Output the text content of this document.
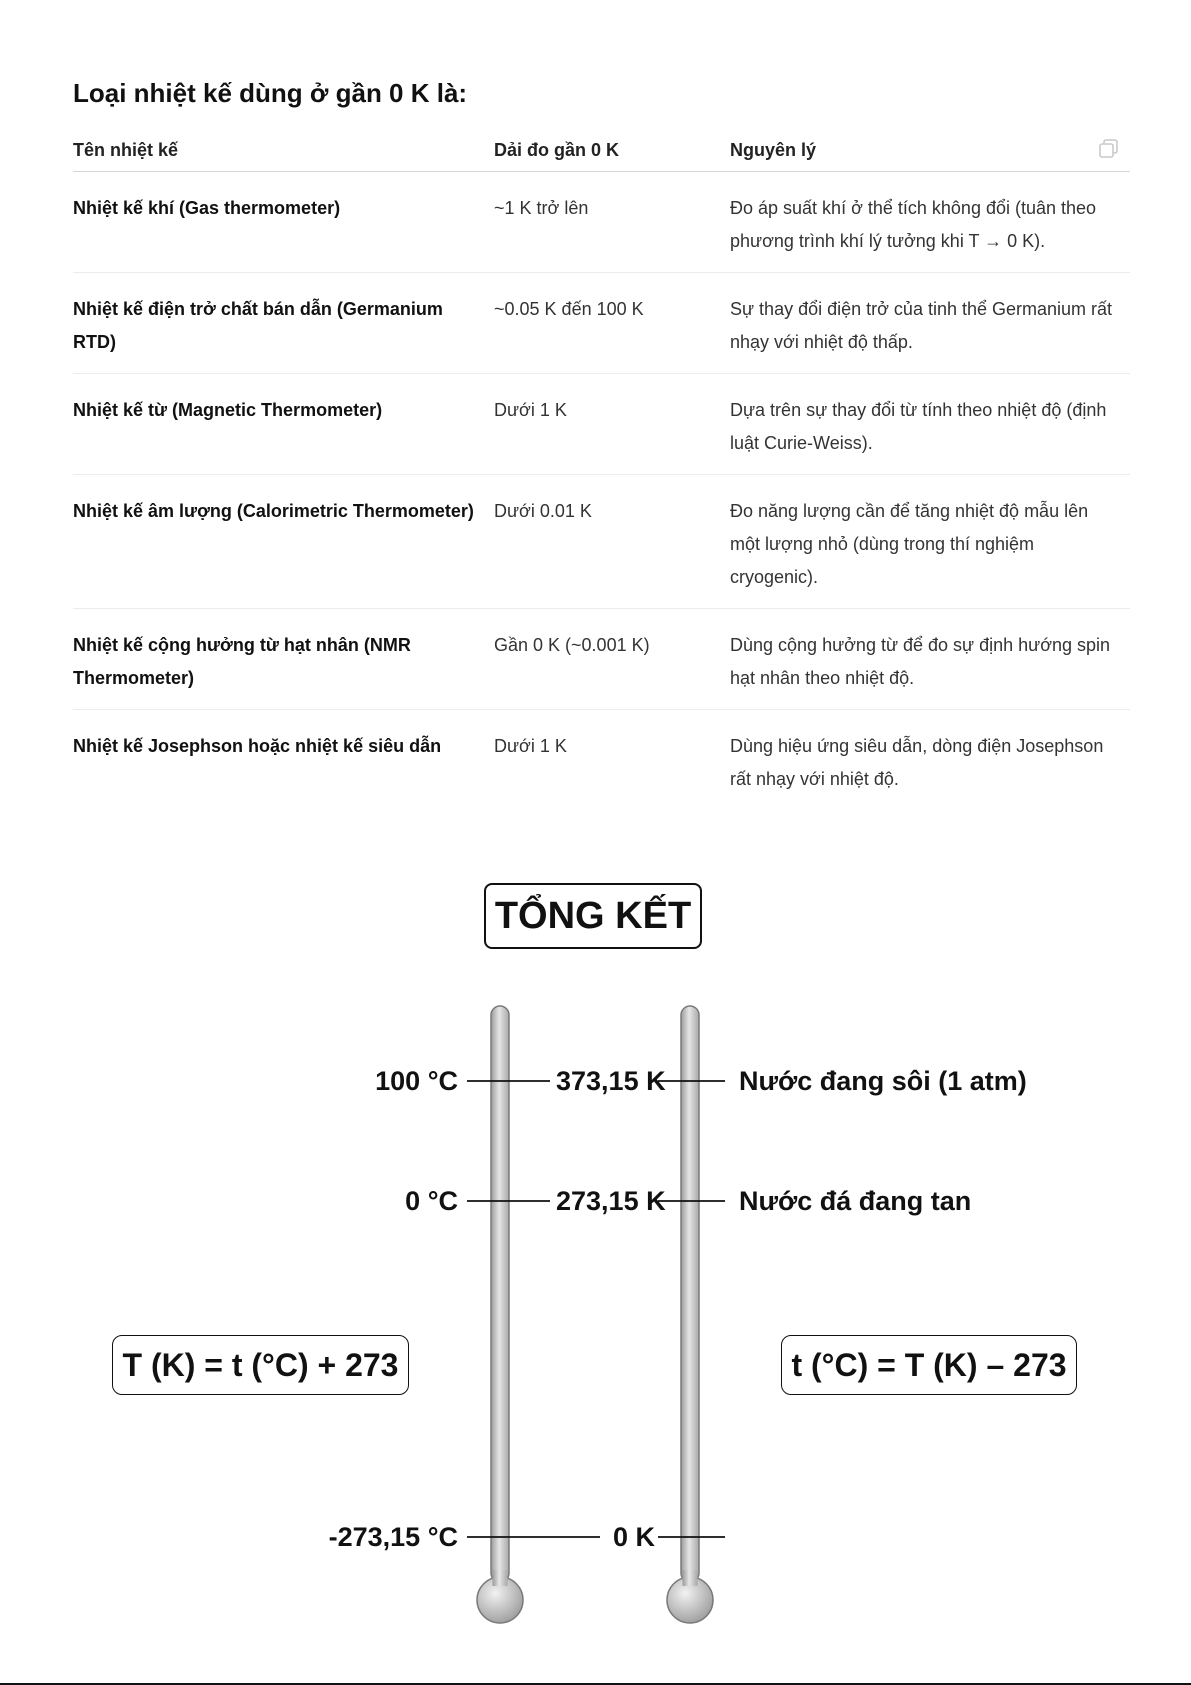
Loại nhiệt kế dùng ở gần 0 K là:
Tên nhiệt kế	Dải đo gần 0 K	Nguyên lý
Nhiệt kế khí (Gas thermometer)	~1 K trở lên	Đo áp suất khí ở thể tích không đổi (tuân theo phương trình khí lý tưởng khi T → 0 K).
Nhiệt kế điện trở chất bán dẫn (Germanium RTD)	~0.05 K đến 100 K	Sự thay đổi điện trở của tinh thể Germanium rất nhạy với nhiệt độ thấp.
Nhiệt kế từ (Magnetic Thermometer)	Dưới 1 K	Dựa trên sự thay đổi từ tính theo nhiệt độ (định luật Curie-Weiss).
Nhiệt kế âm lượng (Calorimetric Thermometer)	Dưới 0.01 K	Đo năng lượng cần để tăng nhiệt độ mẫu lên một lượng nhỏ (dùng trong thí nghiệm cryogenic).
Nhiệt kế cộng hưởng từ hạt nhân (NMR Thermometer)	Gần 0 K (~0.001 K)	Dùng cộng hưởng từ để đo sự định hướng spin hạt nhân theo nhiệt độ.
Nhiệt kế Josephson hoặc nhiệt kế siêu dẫn	Dưới 1 K	Dùng hiệu ứng siêu dẫn, dòng điện Josephson rất nhạy với nhiệt độ.
TỔNG KẾT
100 °C
0 °C
-273,15 °C
373,15 K
273,15 K
0 K
Nước đang sôi (1 atm)
Nước đá đang tan
T (K) = t (°C) + 273	t (°C) = T (K) – 273
